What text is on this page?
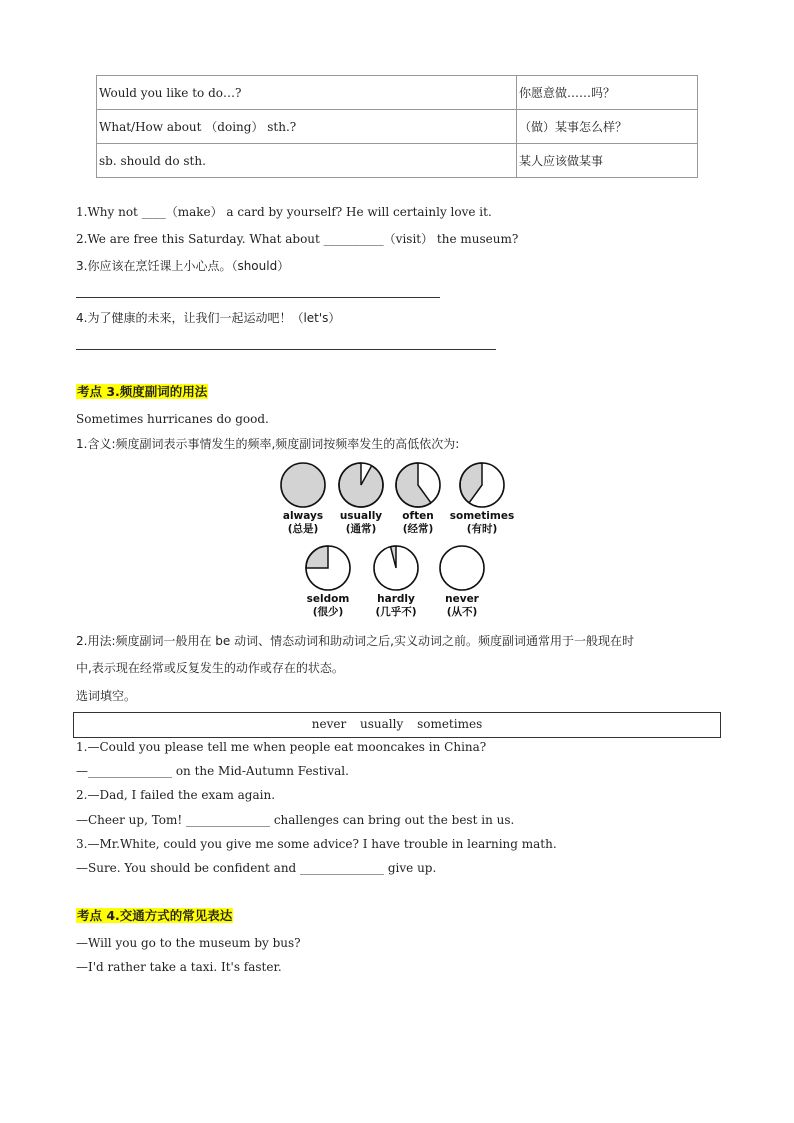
Would you like to do…?	你愿意做……吗？
What/How about （doing） sth.?	（做）某事怎么样？
sb. should do sth.	某人应该做某事
1.Why not ____（make） a card by yourself? He will certainly love it.
2.We are free this Saturday. What about __________（visit） the museum?
3.你应该在烹饪课上小心点。（should）
4.为了健康的未来，让我们一起运动吧！（let's）
考点 3.频度副词的用法
Sometimes hurricanes do good.
1.含义:频度副词表示事情发生的频率,频度副词按频率发生的高低依次为:
always
(总是)
usually
(通常)
often
(经常)
sometimes
(有时)
seldom
(很少)
hardly
(几乎不)
never
(从不)
2.用法:频度副词一般用在 be 动词、情态动词和助动词之后,实义动词之前。频度副词通常用于一般现在时
中,表示现在经常或反复发生的动作或存在的状态。
选词填空。
never usually sometimes
1.—Could you please tell me when people eat mooncakes in China?
—______________ on the Mid-Autumn Festival.
2.—Dad, I failed the exam again.
—Cheer up, Tom! ______________ challenges can bring out the best in us.
3.—Mr.White, could you give me some advice? I have trouble in learning math.
—Sure. You should be confident and ______________ give up.
考点 4.交通方式的常见表达
—Will you go to the museum by bus?
—I'd rather take a taxi. It's faster.
